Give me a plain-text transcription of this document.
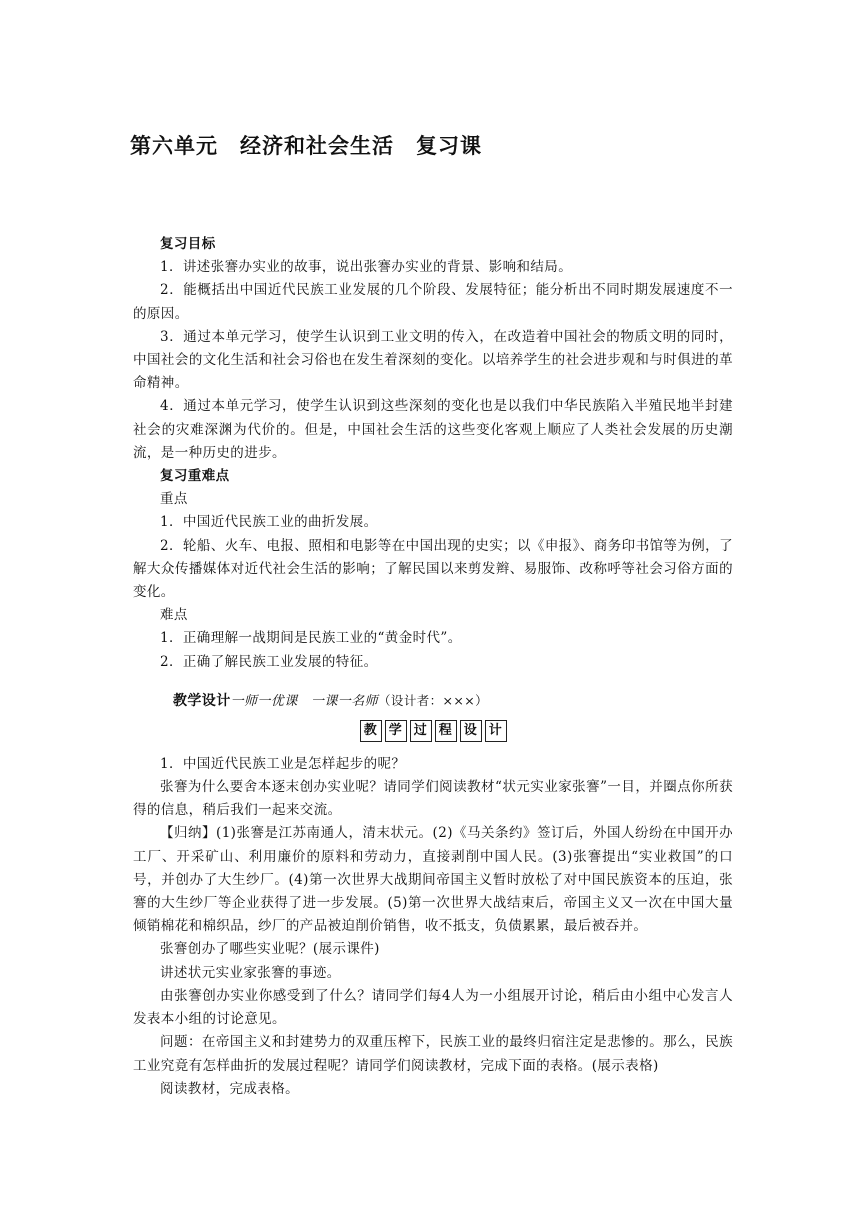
第六单元　经济和社会生活　复习课

复习目标

1．讲述张謇办实业的故事，说出张謇办实业的背景、影响和结局。

2．能概括出中国近代民族工业发展的几个阶段、发展特征；能分析出不同时期发展速度不一的原因。

3．通过本单元学习，使学生认识到工业文明的传入，在改造着中国社会的物质文明的同时，中国社会的文化生活和社会习俗也在发生着深刻的变化。以培养学生的社会进步观和与时俱进的革命精神。

4．通过本单元学习，使学生认识到这些深刻的变化也是以我们中华民族陷入半殖民地半封建社会的灾难深渊为代价的。但是，中国社会生活的这些变化客观上顺应了人类社会发展的历史潮流，是一种历史的进步。

复习重难点

重点

1．中国近代民族工业的曲折发展。

2．轮船、火车、电报、照相和电影等在中国出现的史实；以《申报》、商务印书馆等为例，了解大众传播媒体对近代社会生活的影响；了解民国以来剪发辫、易服饰、改称呼等社会习俗方面的变化。

难点

1．正确理解一战期间是民族工业的“黄金时代”。

2．正确了解民族工业发展的特征。

教学设计一师一优课　一课一名师（设计者：×××）
教 学 过 程 设 计

1．中国近代民族工业是怎样起步的呢？

张謇为什么要舍本逐末创办实业呢？请同学们阅读教材“状元实业家张謇”一目，并圈点你所获得的信息，稍后我们一起来交流。

【归纳】(1)张謇是江苏南通人，清末状元。(2)《马关条约》签订后，外国人纷纷在中国开办工厂、开采矿山、利用廉价的原料和劳动力，直接剥削中国人民。(3)张謇提出“实业救国”的口号，并创办了大生纱厂。(4)第一次世界大战期间帝国主义暂时放松了对中国民族资本的压迫，张謇的大生纱厂等企业获得了进一步发展。(5)第一次世界大战结束后，帝国主义又一次在中国大量倾销棉花和棉织品，纱厂的产品被迫削价销售，收不抵支，负债累累，最后被吞并。

张謇创办了哪些实业呢？(展示课件)

讲述状元实业家张謇的事迹。

由张謇创办实业你感受到了什么？请同学们每4人为一小组展开讨论，稍后由小组中心发言人发表本小组的讨论意见。

问题：在帝国主义和封建势力的双重压榨下，民族工业的最终归宿注定是悲惨的。那么，民族工业究竟有怎样曲折的发展过程呢？请同学们阅读教材，完成下面的表格。(展示表格)

阅读教材，完成表格。
